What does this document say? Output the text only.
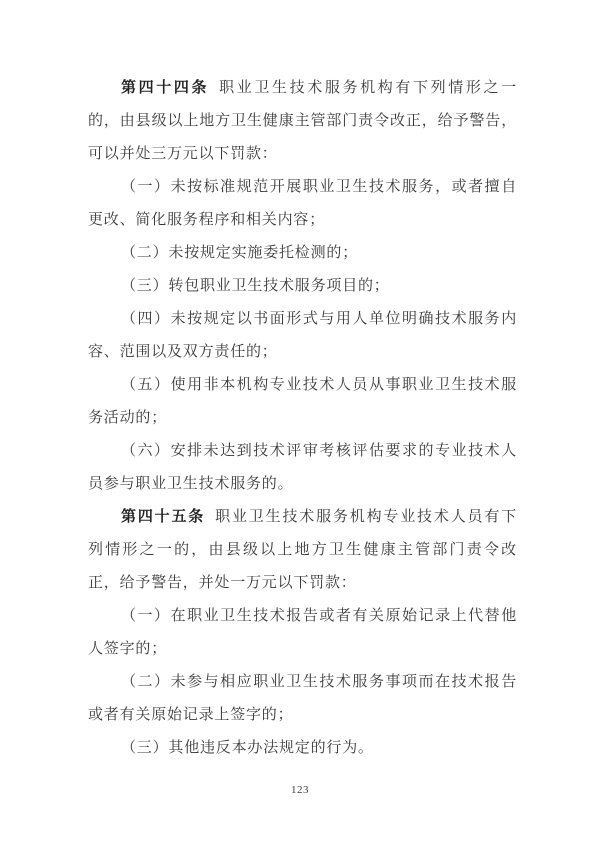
第四十四条 职业卫生技术服务机构有下列情形之一
的，由县级以上地方卫生健康主管部门责令改正，给予警告，
可以并处三万元以下罚款：
（一）未按标准规范开展职业卫生技术服务，或者擅自
更改、简化服务程序和相关内容；
（二）未按规定实施委托检测的；
（三）转包职业卫生技术服务项目的；
（四）未按规定以书面形式与用人单位明确技术服务内
容、范围以及双方责任的；
（五）使用非本机构专业技术人员从事职业卫生技术服
务活动的；
（六）安排未达到技术评审考核评估要求的专业技术人
员参与职业卫生技术服务的。
第四十五条 职业卫生技术服务机构专业技术人员有下
列情形之一的，由县级以上地方卫生健康主管部门责令改
正，给予警告，并处一万元以下罚款：
（一）在职业卫生技术报告或者有关原始记录上代替他
人签字的；
（二）未参与相应职业卫生技术服务事项而在技术报告
或者有关原始记录上签字的；
（三）其他违反本办法规定的行为。
123
